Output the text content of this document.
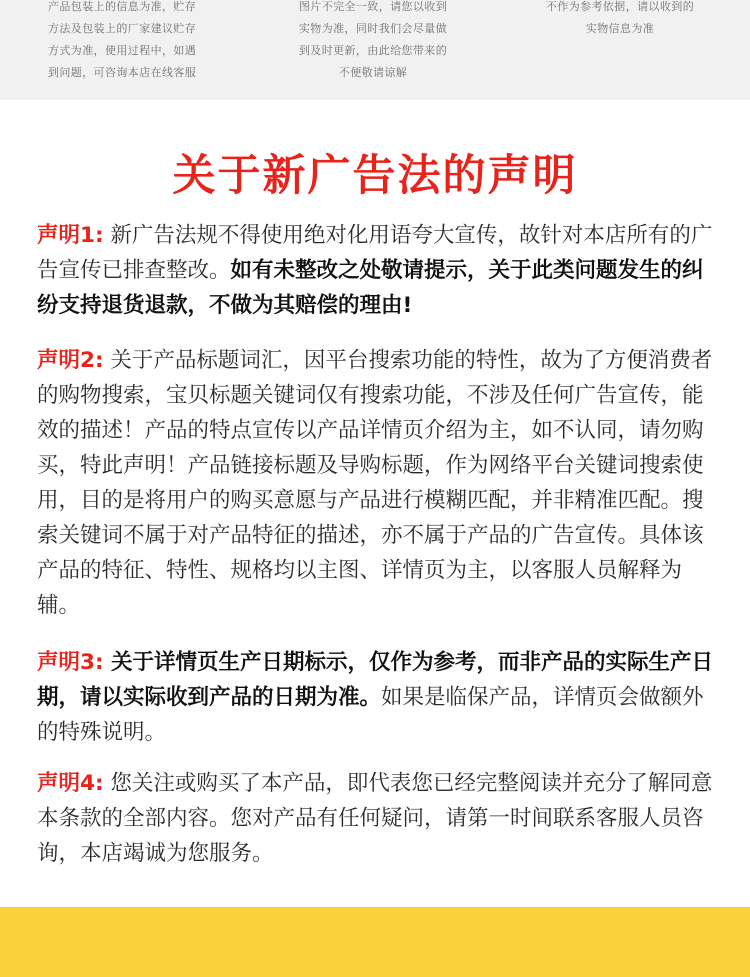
产品包装上的信息为准，贮存
方法及包装上的厂家建议贮存
方式为准，使用过程中，如遇
到问题，可咨询本店在线客服
图片不完全一致，请您以收到
实物为准，同时我们会尽量做
到及时更新，由此给您带来的
不便敬请谅解
不作为参考依据，请以收到的
实物信息为准
关于新广告法的声明

声明1: 新广告法规不得使用绝对化用语夸大宣传，故针对本店所有的广告宣传已排查整改。如有未整改之处敬请提示，关于此类问题发生的纠纷支持退货退款，不做为其赔偿的理由!

声明2: 关于产品标题词汇，因平台搜索功能的特性，故为了方便消费者的购物搜索，宝贝标题关键词仅有搜索功能，不涉及任何广告宣传，能效的描述！产品的特点宣传以产品详情页介绍为主，如不认同，请勿购买，特此声明！产品链接标题及导购标题，作为网络平台关键词搜索使用，目的是将用户的购买意愿与产品进行模糊匹配，并非精准匹配。搜索关键词不属于对产品特征的描述，亦不属于产品的广告宣传。具体该产品的特征、特性、规格均以主图、详情页为主，以客服人员解释为辅。

声明3: 关于详情页生产日期标示，仅作为参考，而非产品的实际生产日期，请以实际收到产品的日期为准。如果是临保产品，详情页会做额外的特殊说明。

声明4: 您关注或购买了本产品，即代表您已经完整阅读并充分了解同意本条款的全部内容。您对产品有任何疑问，请第一时间联系客服人员咨询，本店竭诚为您服务。
